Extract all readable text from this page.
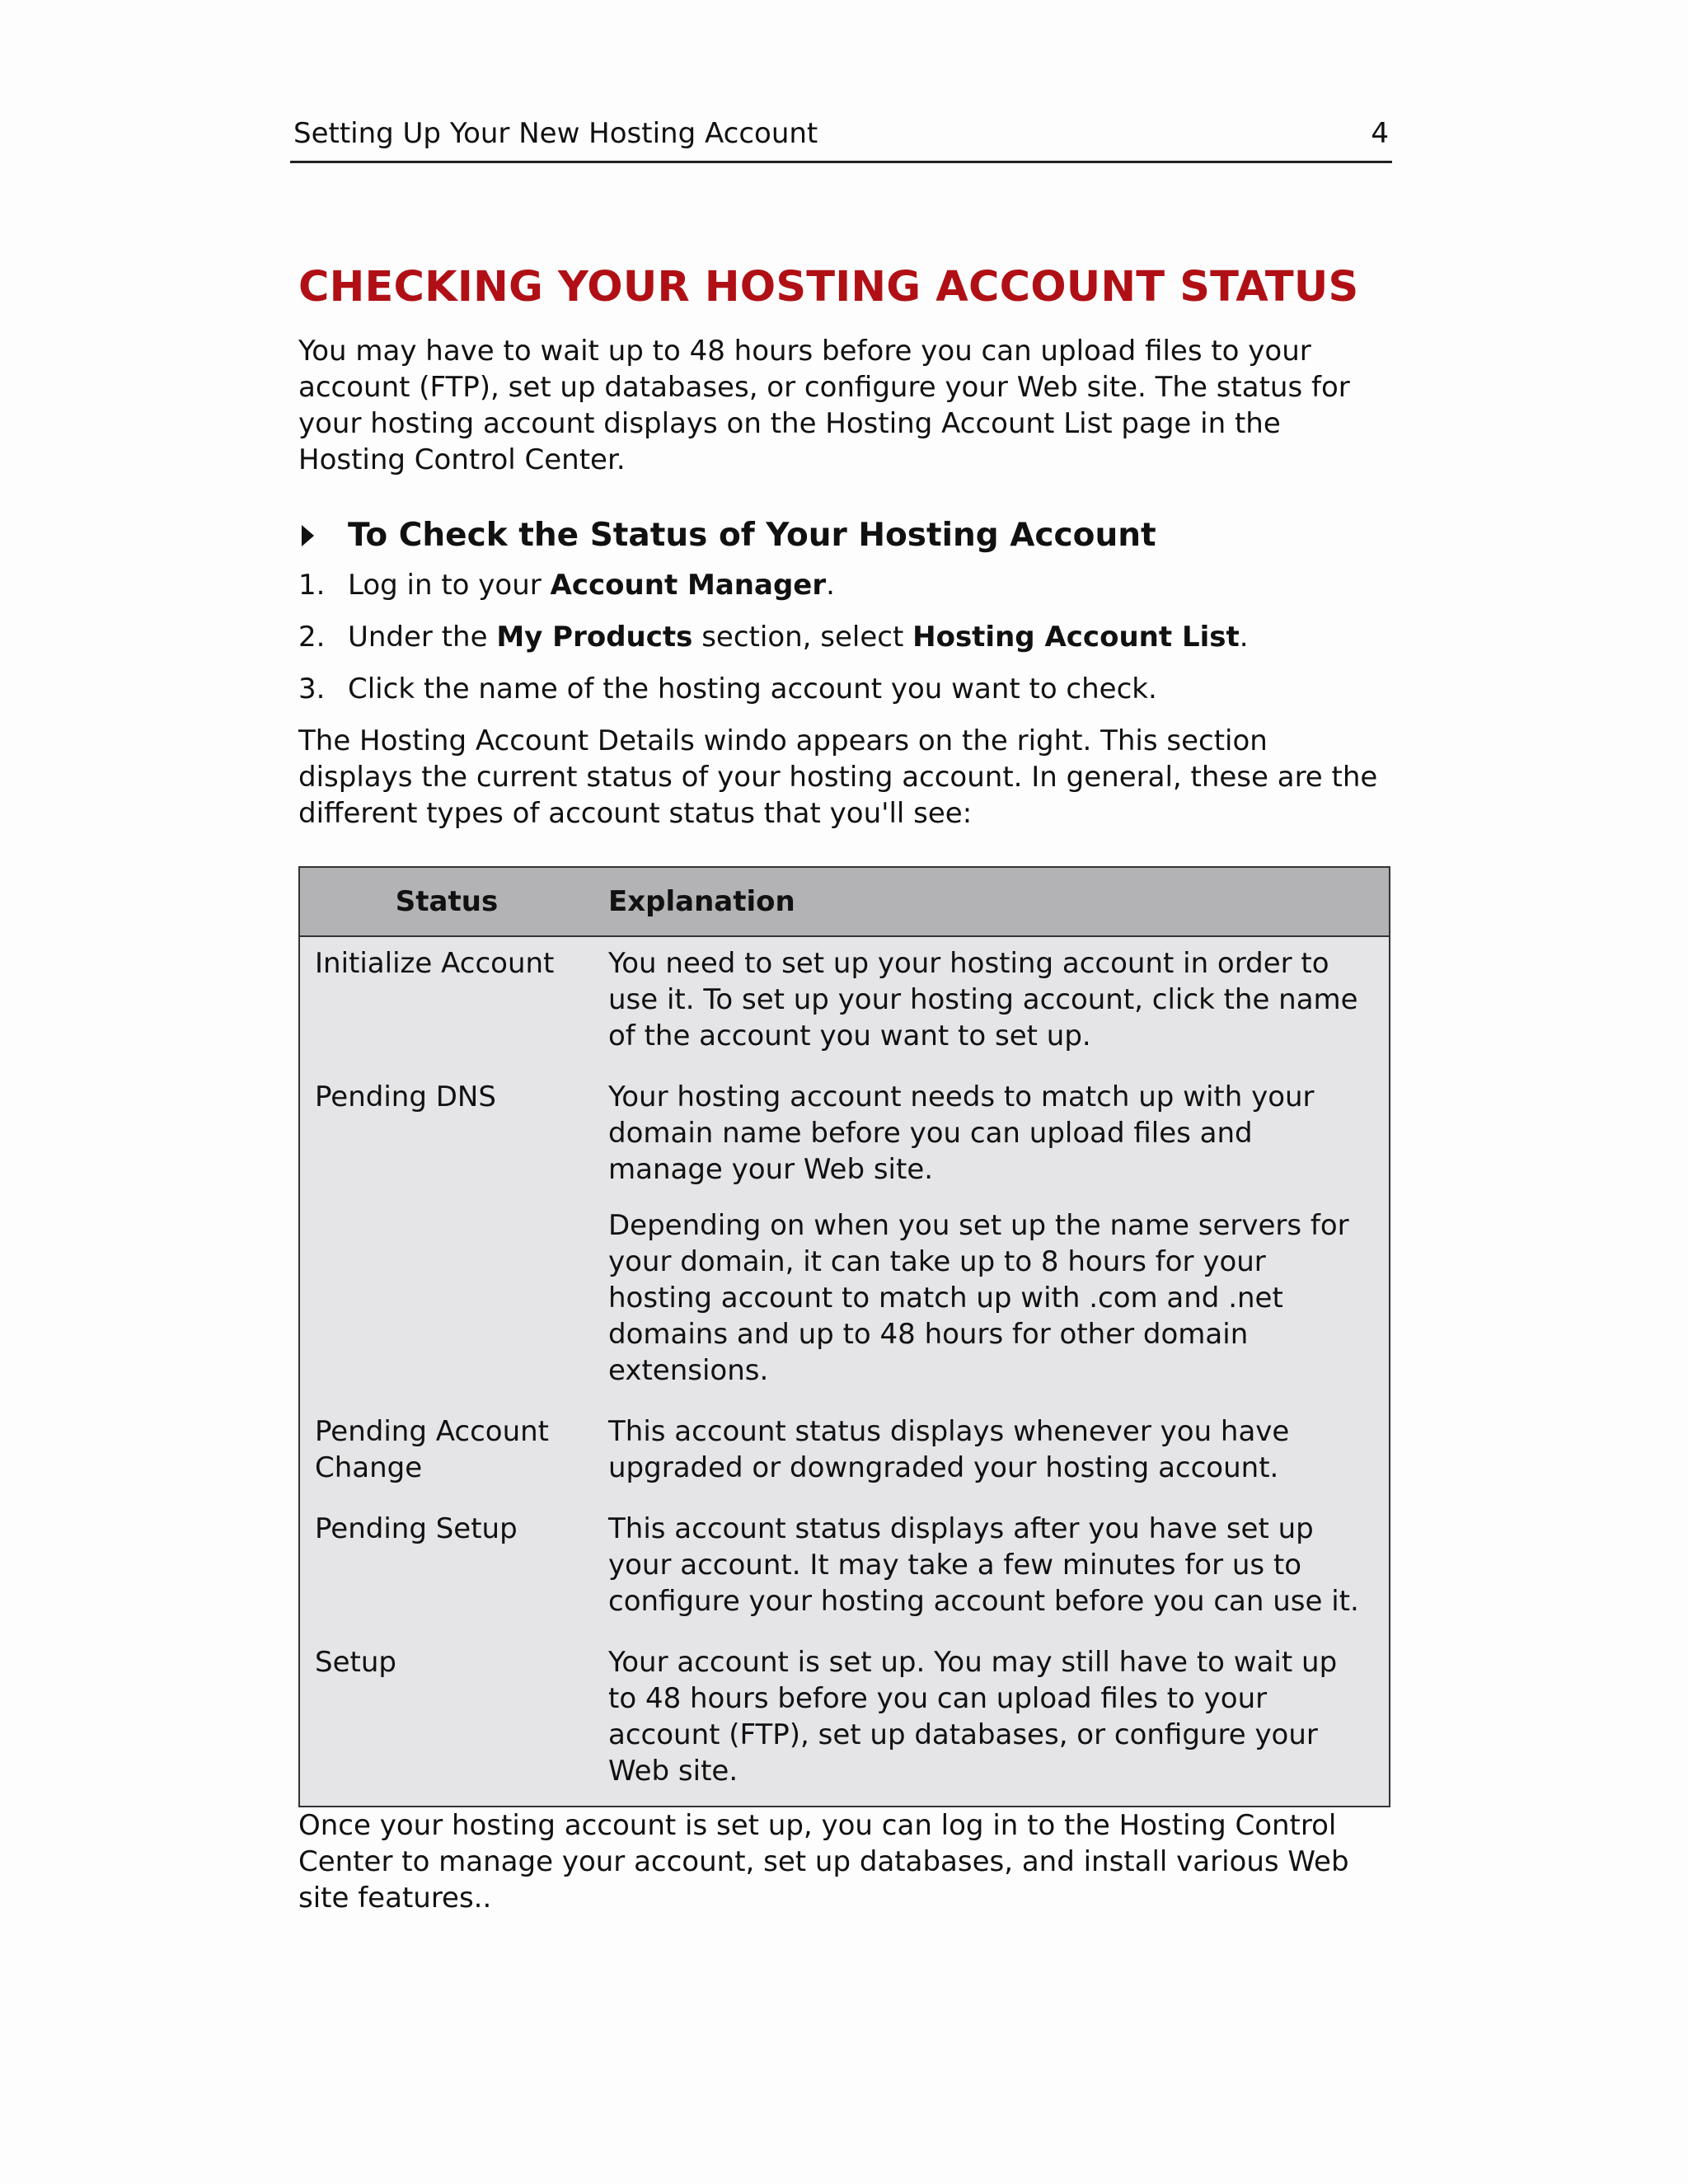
Setting Up Your New Hosting Account	4
CHECKING YOUR HOSTING ACCOUNT STATUS

You may have to wait up to 48 hours before you can upload files to your account (FTP), set up databases, or configure your Web site. The status for your hosting account displays on the Hosting Account List page in the Hosting Control Center.

To Check the Status of Your Hosting Account
1. Log in to your Account Manager.
2. Under the My Products section, select Hosting Account List.
3. Click the name of the hosting account you want to check.

The Hosting Account Details windo appears on the right. This section displays the current status of your hosting account. In general, these are the different types of account status that you'll see:

Status	Explanation
Initialize Account	You need to set up your hosting account in order to use it. To set up your hosting account, click the name of the account you want to set up.

Pending DNS	Your hosting account needs to match up with your domain name before you can upload files and manage your Web site.

Depending on when you set up the name servers for your domain, it can take up to 8 hours for your hosting account to match up with .com and .net domains and up to 48 hours for other domain extensions.

Pending Account Change	This account status displays whenever you have upgraded or downgraded your hosting account.

Pending Setup	This account status displays after you have set up your account. It may take a few minutes for us to configure your hosting account before you can use it.

Setup	Your account is set up. You may still have to wait up to 48 hours before you can upload files to your account (FTP), set up databases, or configure your Web site.

Once your hosting account is set up, you can log in to the Hosting Control Center to manage your account, set up databases, and install various Web site features..
